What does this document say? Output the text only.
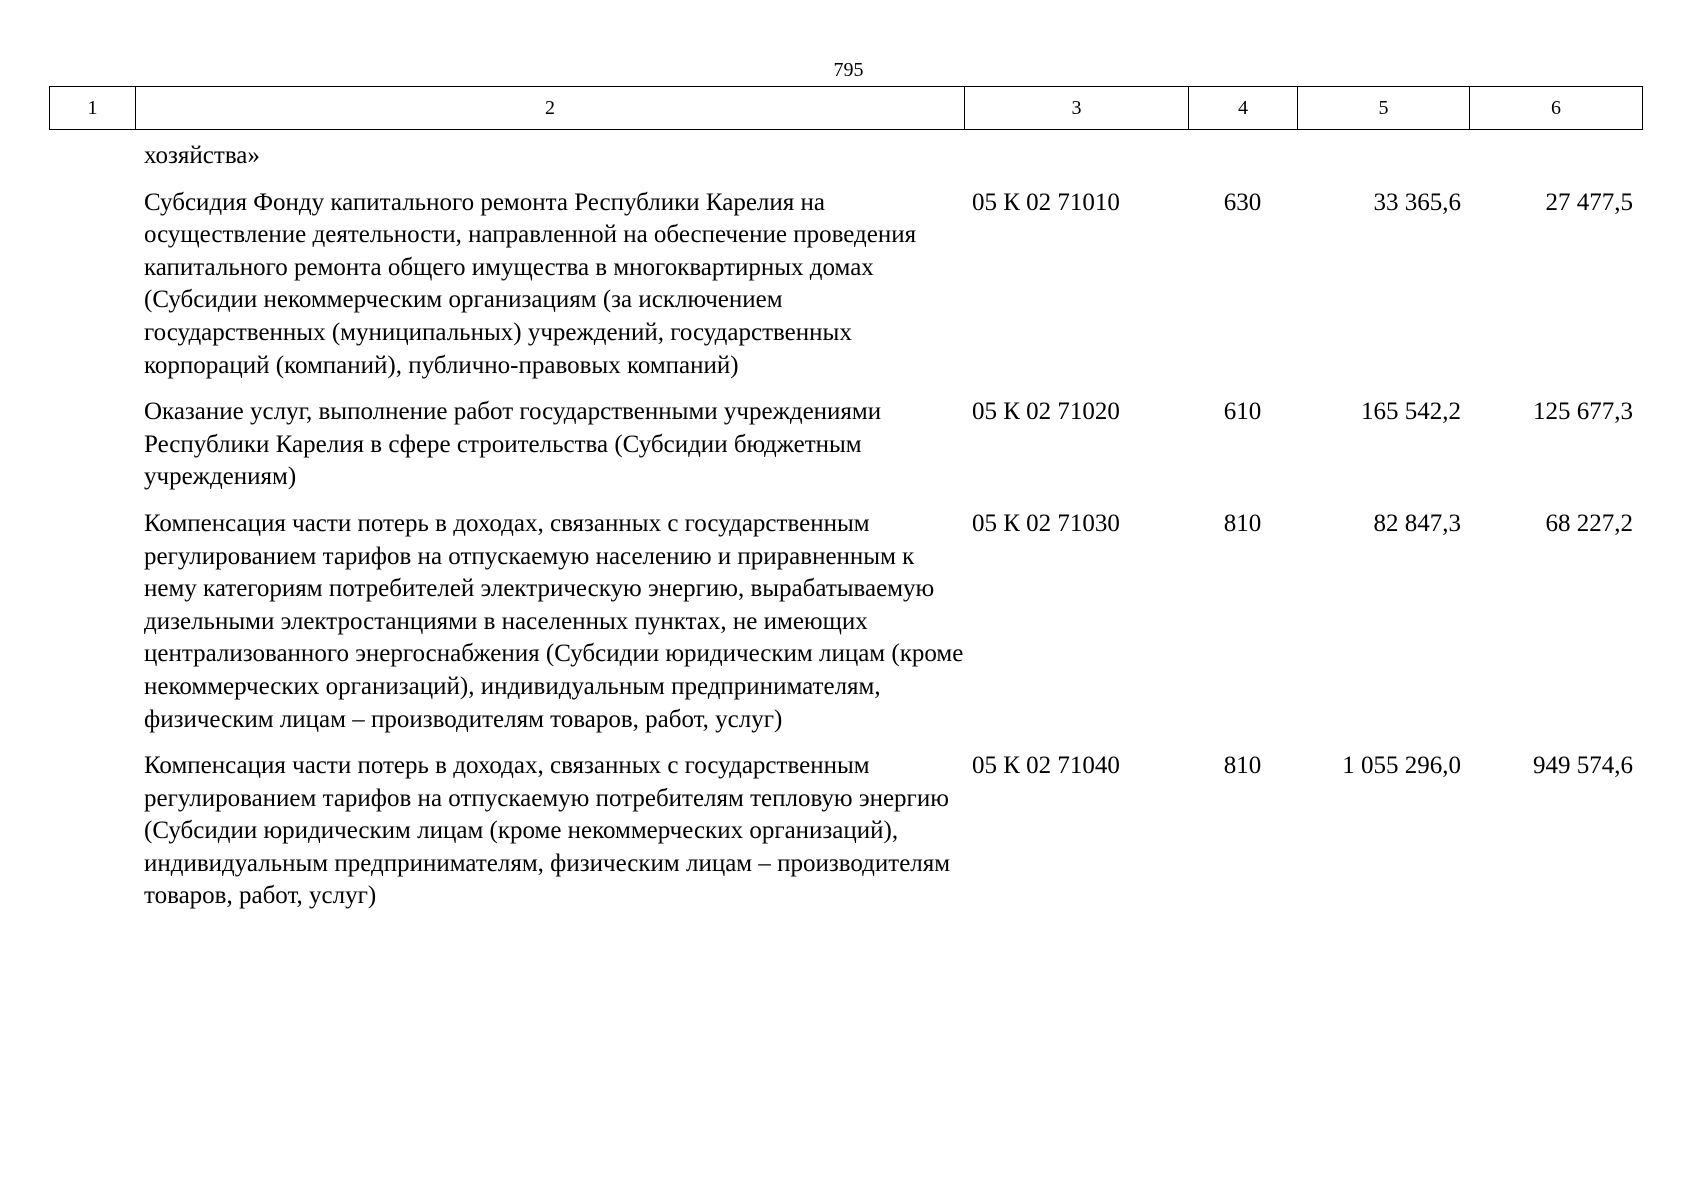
795
1	2	3	4	5	6
хозяйства»
Субсидия Фонду капитального ремонта Республики Карелия на осуществление деятельности, направленной на обеспечение проведения капитального ремонта общего имущества в многоквартирных домах (Субсидии некоммерческим организациям (за исключением государственных (муниципальных) учреждений, государственных корпораций (компаний), публично-правовых компаний)
05 К 02 71010	630	33 365,6	27 477,5
Оказание услуг, выполнение работ государственными учреждениями Республики Карелия в сфере строительства (Субсидии бюджетным учреждениям)
05 К 02 71020	610	165 542,2	125 677,3
Компенсация части потерь в доходах, связанных с государственным регулированием тарифов на отпускаемую населению и приравненным к нему категориям потребителей электрическую энергию, вырабатываемую дизельными электростанциями в населенных пунктах, не имеющих централизованного энергоснабжения (Субсидии юридическим лицам (кроме некоммерческих организаций), индивидуальным предпринимателям, физическим лицам – производителям товаров, работ, услуг)
05 К 02 71030	810	82 847,3	68 227,2
Компенсация части потерь в доходах, связанных с государственным регулированием тарифов на отпускаемую потребителям тепловую энергию (Субсидии юридическим лицам (кроме некоммерческих организаций), индивидуальным предпринимателям, физическим лицам – производителям товаров, работ, услуг)
05 К 02 71040	810	1 055 296,0	949 574,6
